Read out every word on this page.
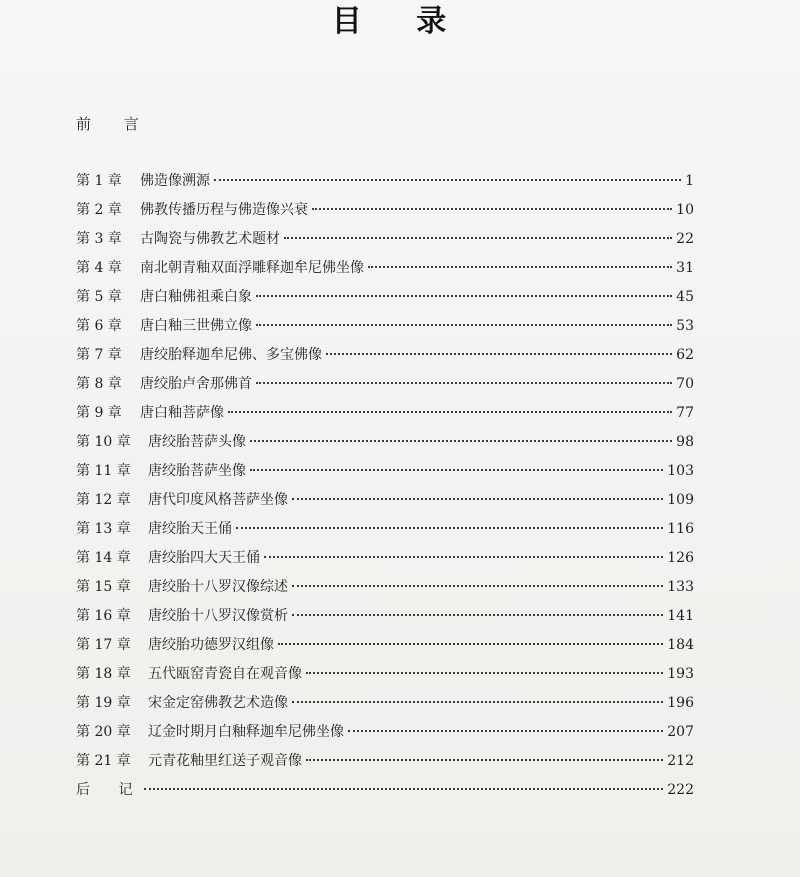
目 录
前 言
第 1 章	佛造像溯源	1
第 2 章	佛教传播历程与佛造像兴衰	10
第 3 章	古陶瓷与佛教艺术题材	22
第 4 章	南北朝青釉双面浮雕释迦牟尼佛坐像	31
第 5 章	唐白釉佛祖乘白象	45
第 6 章	唐白釉三世佛立像	53
第 7 章	唐绞胎释迦牟尼佛、多宝佛像	62
第 8 章	唐绞胎卢舍那佛首	70
第 9 章	唐白釉菩萨像	77
第 10 章	唐绞胎菩萨头像	98
第 11 章	唐绞胎菩萨坐像	103
第 12 章	唐代印度风格菩萨坐像	109
第 13 章	唐绞胎天王俑	116
第 14 章	唐绞胎四大天王俑	126
第 15 章	唐绞胎十八罗汉像综述	133
第 16 章	唐绞胎十八罗汉像赏析	141
第 17 章	唐绞胎功德罗汉组像	184
第 18 章	五代瓯窑青瓷自在观音像	193
第 19 章	宋金定窑佛教艺术造像	196
第 20 章	辽金时期月白釉释迦牟尼佛坐像	207
第 21 章	元青花釉里红送子观音像	212
后 记	222
